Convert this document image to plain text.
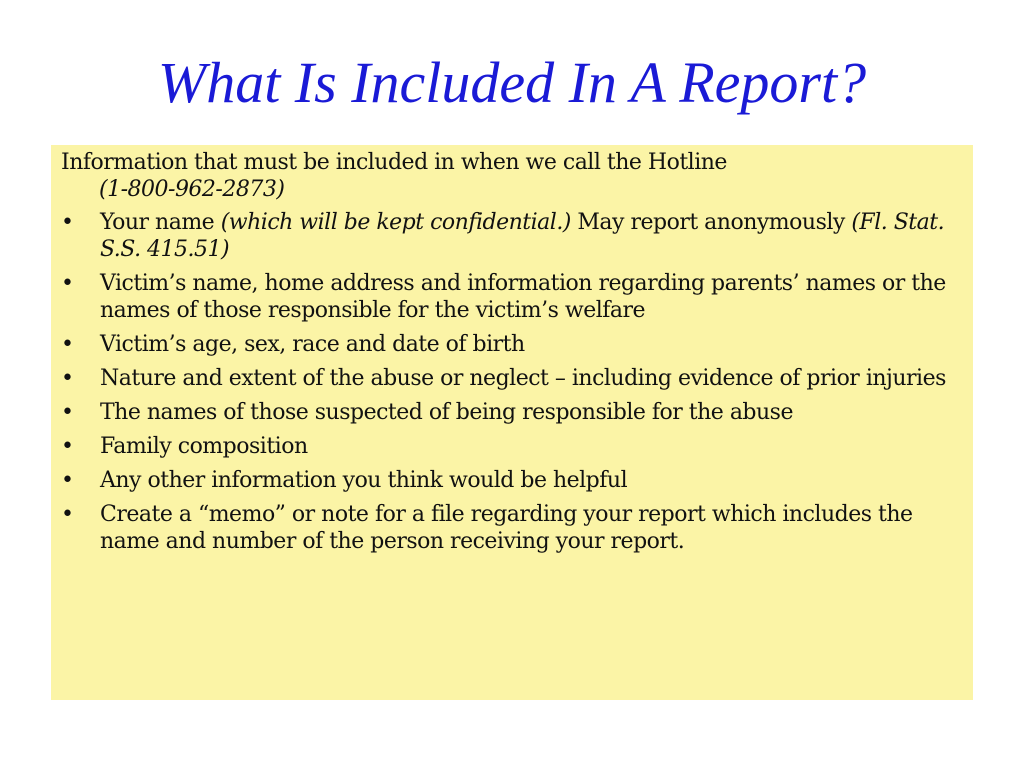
What Is Included In A Report?

Information that must be included in when we call the Hotline
(1-800-962-2873)

•	Your name (which will be kept confidential.) May report anonymously (Fl. Stat. S.S. 415.51)
•	Victim’s name, home address and information regarding parents’ names or the names of those responsible for the victim’s welfare
•	Victim’s age, sex, race and date of birth
•	Nature and extent of the abuse or neglect – including evidence of prior injuries
•	The names of those suspected of being responsible for the abuse
•	Family composition
•	Any other information you think would be helpful
•	Create a “memo” or note for a file regarding your report which includes the name and number of the person receiving your report.
